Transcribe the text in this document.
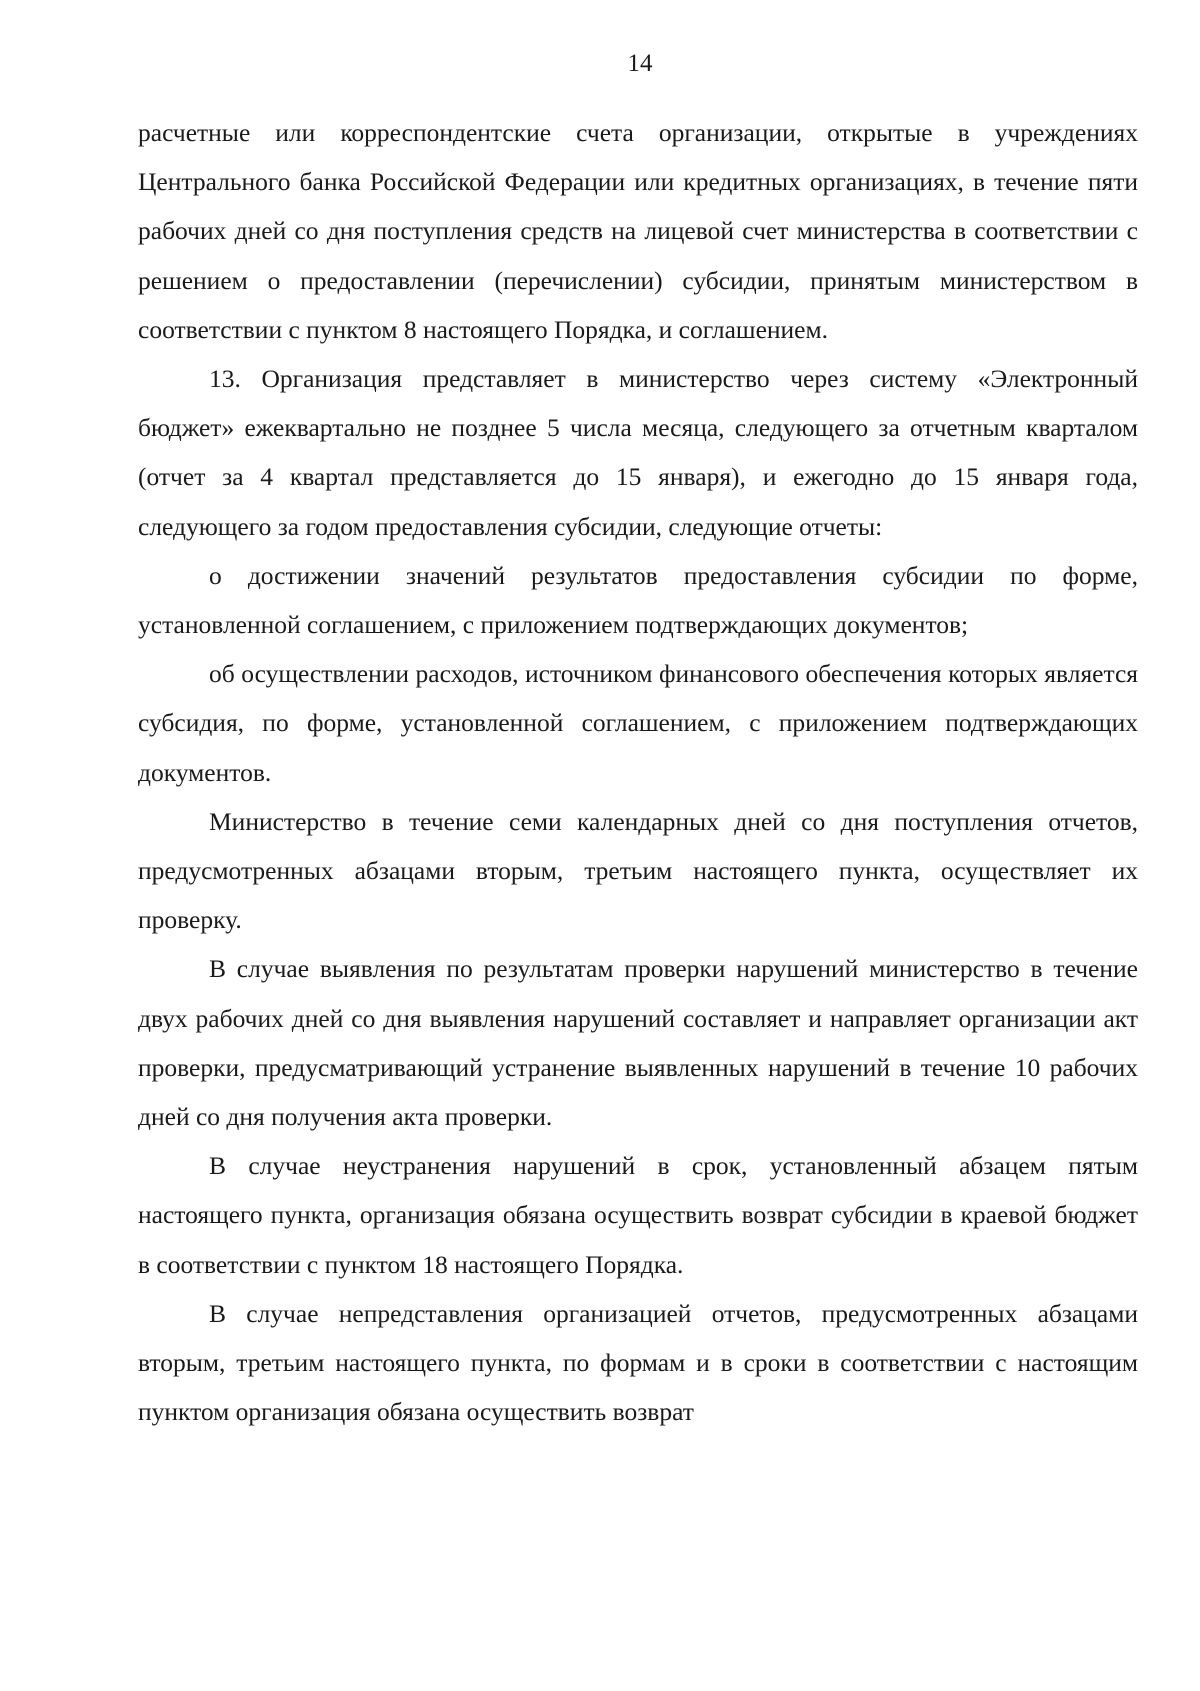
14

расчетные или корреспондентские счета организации, открытые в учреждениях Центрального банка Российской Федерации или кредитных организациях, в течение пяти рабочих дней со дня поступления средств на лицевой счет министерства в соответствии с решением о предоставлении (перечислении) субсидии, принятым министерством в соответствии с пунктом 8 настоящего Порядка, и соглашением.

13. Организация представляет в министерство через систему «Электронный бюджет» ежеквартально не позднее 5 числа месяца, следующего за отчетным кварталом (отчет за 4 квартал представляется до 15 января), и ежегодно до 15 января года, следующего за годом предоставления субсидии, следующие отчеты:

о достижении значений результатов предоставления субсидии по форме, установленной соглашением, с приложением подтверждающих документов;

об осуществлении расходов, источником финансового обеспечения которых является субсидия, по форме, установленной соглашением, с приложением подтверждающих документов.

Министерство в течение семи календарных дней со дня поступления отчетов, предусмотренных абзацами вторым, третьим настоящего пункта, осуществляет их проверку.

В случае выявления по результатам проверки нарушений министерство в течение двух рабочих дней со дня выявления нарушений составляет и направляет организации акт проверки, предусматривающий устранение выявленных нарушений в течение 10 рабочих дней со дня получения акта проверки.

В случае неустранения нарушений в срок, установленный абзацем пятым настоящего пункта, организация обязана осуществить возврат субсидии в краевой бюджет в соответствии с пунктом 18 настоящего Порядка.

В случае непредставления организацией отчетов, предусмотренных абзацами вторым, третьим настоящего пункта, по формам и в сроки в соответствии с настоящим пунктом организация обязана осуществить возврат
